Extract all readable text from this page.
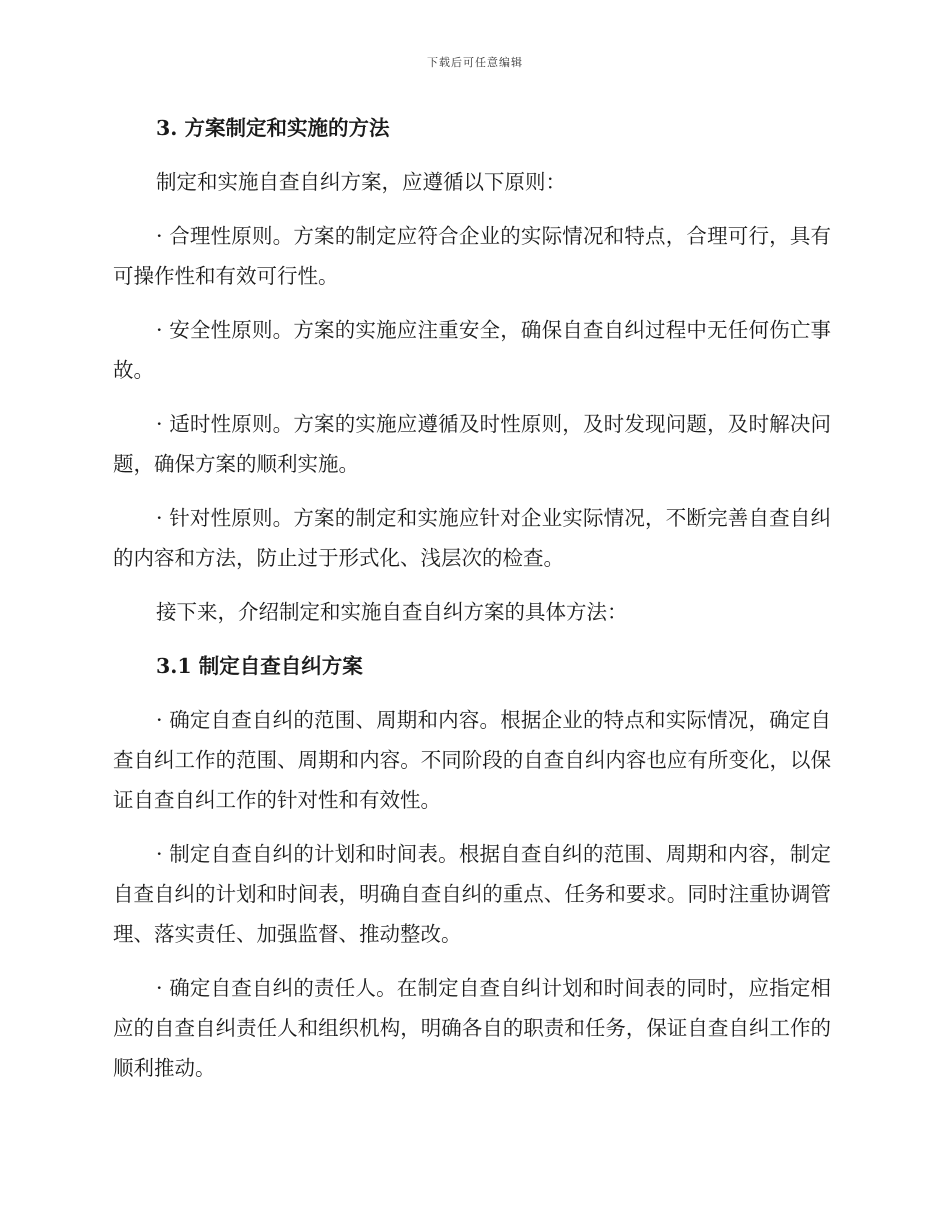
下载后可任意编辑
3. 方案制定和实施的方法
制定和实施自查自纠方案，应遵循以下原则：
· 合理性原则。方案的制定应符合企业的实际情况和特点，合理可行，具有可操作性和有效可行性。
· 安全性原则。方案的实施应注重安全，确保自查自纠过程中无任何伤亡事故。
· 适时性原则。方案的实施应遵循及时性原则，及时发现问题，及时解决问题，确保方案的顺利实施。
· 针对性原则。方案的制定和实施应针对企业实际情况，不断完善自查自纠的内容和方法，防止过于形式化、浅层次的检查。
接下来，介绍制定和实施自查自纠方案的具体方法：
3.1 制定自查自纠方案
· 确定自查自纠的范围、周期和内容。根据企业的特点和实际情况，确定自查自纠工作的范围、周期和内容。不同阶段的自查自纠内容也应有所变化，以保证自查自纠工作的针对性和有效性。
· 制定自查自纠的计划和时间表。根据自查自纠的范围、周期和内容，制定自查自纠的计划和时间表，明确自查自纠的重点、任务和要求。同时注重协调管理、落实责任、加强监督、推动整改。
· 确定自查自纠的责任人。在制定自查自纠计划和时间表的同时，应指定相应的自查自纠责任人和组织机构，明确各自的职责和任务，保证自查自纠工作的顺利推动。
